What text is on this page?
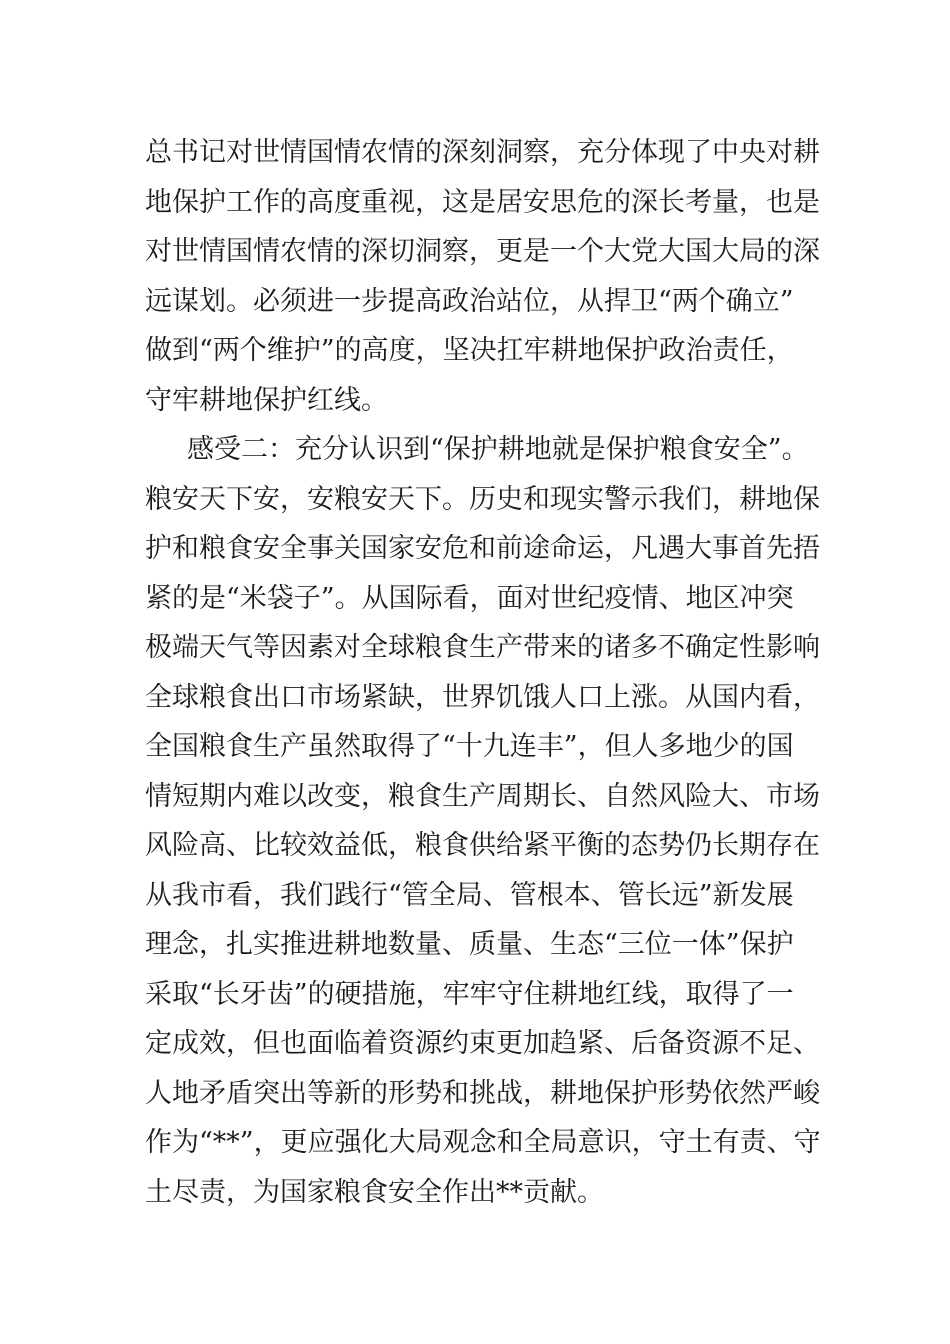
总书记对世情国情农情的深刻洞察，充分体现了中央对耕
地保护工作的高度重视，这是居安思危的深长考量，也是
对世情国情农情的深切洞察，更是一个大党大国大局的深
远谋划。必须进一步提高政治站位，从捍卫“两个确立”
做到“两个维护”的高度，坚决扛牢耕地保护政治责任，
守牢耕地保护红线。
感受二：充分认识到“保护耕地就是保护粮食安全”。
粮安天下安，安粮安天下。历史和现实警示我们，耕地保
护和粮食安全事关国家安危和前途命运，凡遇大事首先捂
紧的是“米袋子”。从国际看，面对世纪疫情、地区冲突
极端天气等因素对全球粮食生产带来的诸多不确定性影响
全球粮食出口市场紧缺，世界饥饿人口上涨。从国内看，
全国粮食生产虽然取得了“十九连丰”，但人多地少的国
情短期内难以改变，粮食生产周期长、自然风险大、市场
风险高、比较效益低，粮食供给紧平衡的态势仍长期存在
从我市看，我们践行“管全局、管根本、管长远”新发展
理念，扎实推进耕地数量、质量、生态“三位一体”保护
采取“长牙齿”的硬措施，牢牢守住耕地红线，取得了一
定成效，但也面临着资源约束更加趋紧、后备资源不足、
人地矛盾突出等新的形势和挑战，耕地保护形势依然严峻
作为“**”，更应强化大局观念和全局意识，守土有责、守
土尽责，为国家粮食安全作出**贡献。
